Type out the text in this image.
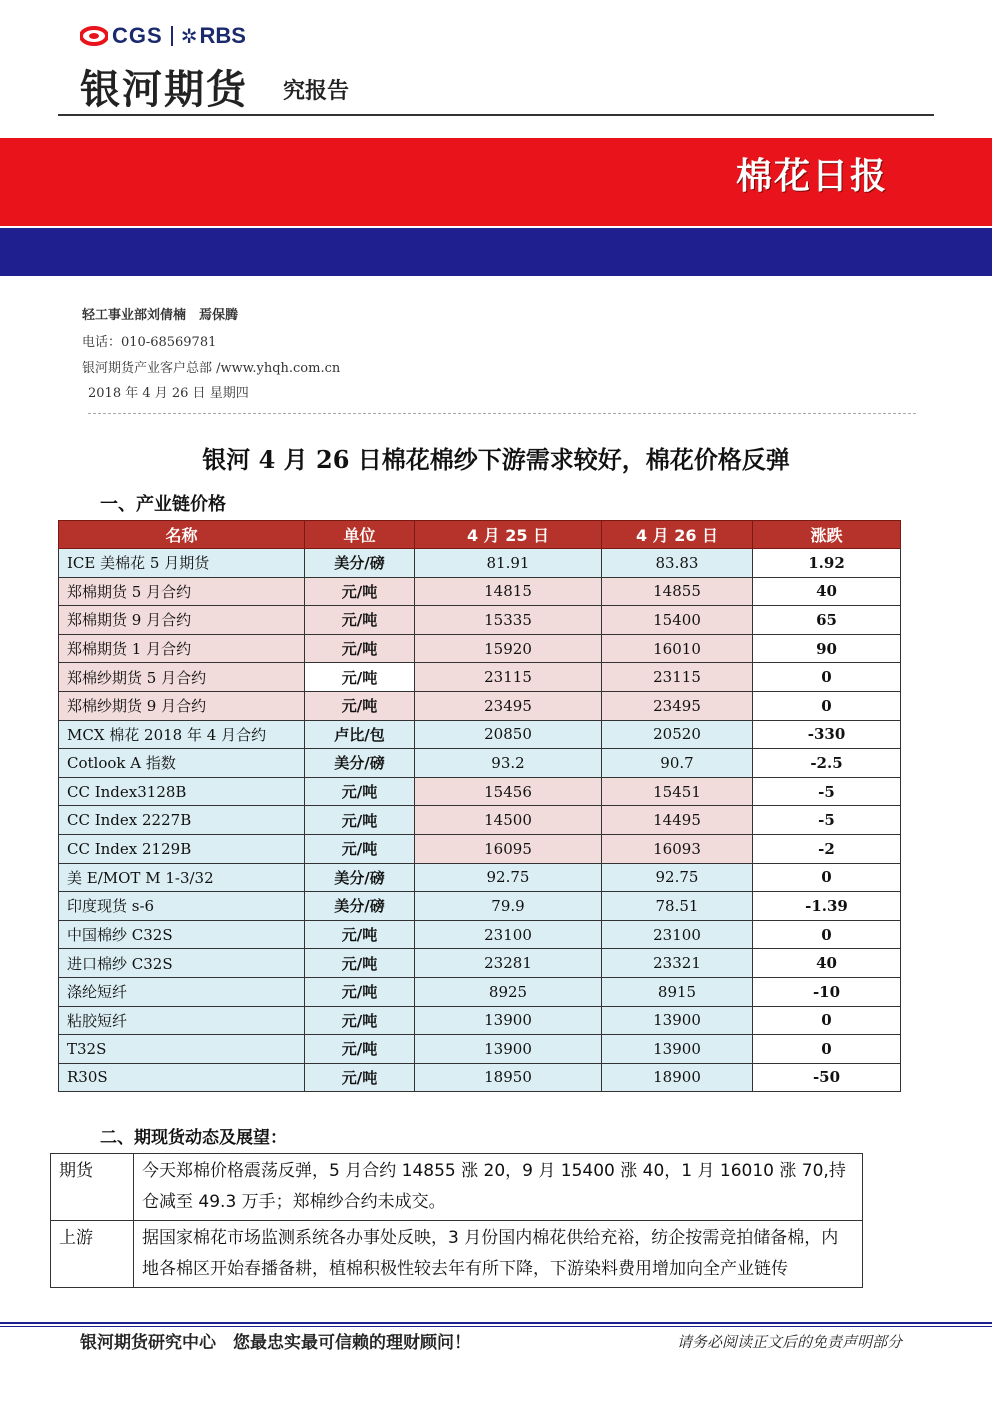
CGS ✲ RBS
银河期货 究报告
棉花日报
轻工事业部刘倩楠　焉保腾
电话：010-68569781
银河期货产业客户总部 /www.yhqh.com.cn
2018 年 4 月 26 日 星期四
银河 4 月 26 日棉花棉纱下游需求较好，棉花价格反弹
一、产业链价格
名称	单位	4 月 25 日	4 月 26 日	涨跌
ICE 美棉花 5 月期货	美分/磅	81.91	83.83	1.92
郑棉期货 5 月合约	元/吨	14815	14855	40
郑棉期货 9 月合约	元/吨	15335	15400	65
郑棉期货 1 月合约	元/吨	15920	16010	90
郑棉纱期货 5 月合约	元/吨	23115	23115	0
郑棉纱期货 9 月合约	元/吨	23495	23495	0
MCX 棉花 2018 年 4 月合约	卢比/包	20850	20520	-330
Cotlook A 指数	美分/磅	93.2	90.7	-2.5
CC Index3128B	元/吨	15456	15451	-5
CC Index 2227B	元/吨	14500	14495	-5
CC Index 2129B	元/吨	16095	16093	-2
美 E/MOT M 1-3/32	美分/磅	92.75	92.75	0
印度现货 s-6	美分/磅	79.9	78.51	-1.39
中国棉纱 C32S	元/吨	23100	23100	0
进口棉纱 C32S	元/吨	23281	23321	40
涤纶短纤	元/吨	8925	8915	-10
粘胶短纤	元/吨	13900	13900	0
T32S	元/吨	13900	13900	0
R30S	元/吨	18950	18900	-50
二、期现货动态及展望：
期货	今天郑棉价格震荡反弹，5 月合约 14855 涨 20，9 月 15400 涨 40，1 月 16010 涨 70,持仓减至 49.3 万手；郑棉纱合约未成交。
上游	据国家棉花市场监测系统各办事处反映，3 月份国内棉花供给充裕，纺企按需竞拍储备棉，内地各棉区开始春播备耕，植棉积极性较去年有所下降，下游染料费用增加向全产业链传
银河期货研究中心　您最忠实最可信赖的理财顾问！	请务必阅读正文后的免责声明部分
